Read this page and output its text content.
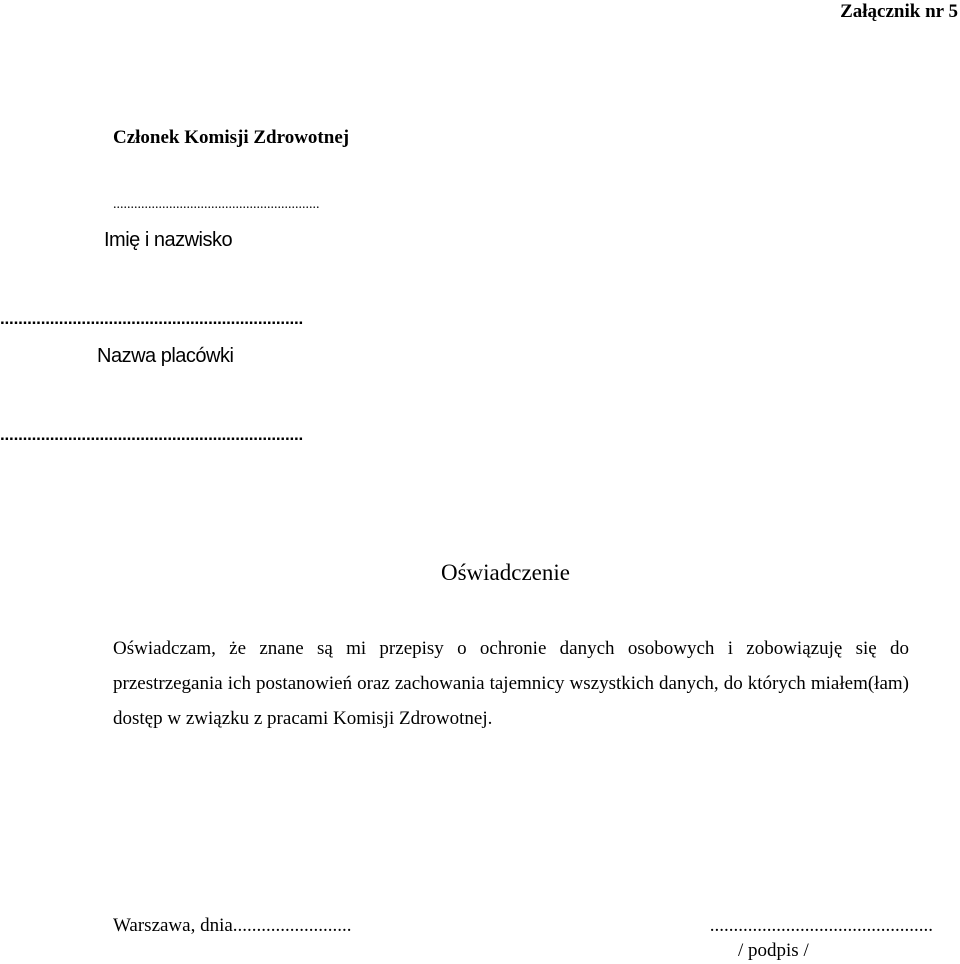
Załącznik nr 5
Członek Komisji Zdrowotnej
...........................................................
Imię i nazwisko
...................................................................
Nazwa placówki
...................................................................
Oświadczenie

Oświadczam, że znane są mi przepisy o ochronie danych osobowych i zobowiązuję się do przestrzegania ich postanowień oraz zachowania tajemnicy wszystkich danych, do których miałem(łam) dostęp w związku z pracami Komisji Zdrowotnej.

Warszawa, dnia.........................	...............................................
/ podpis /
